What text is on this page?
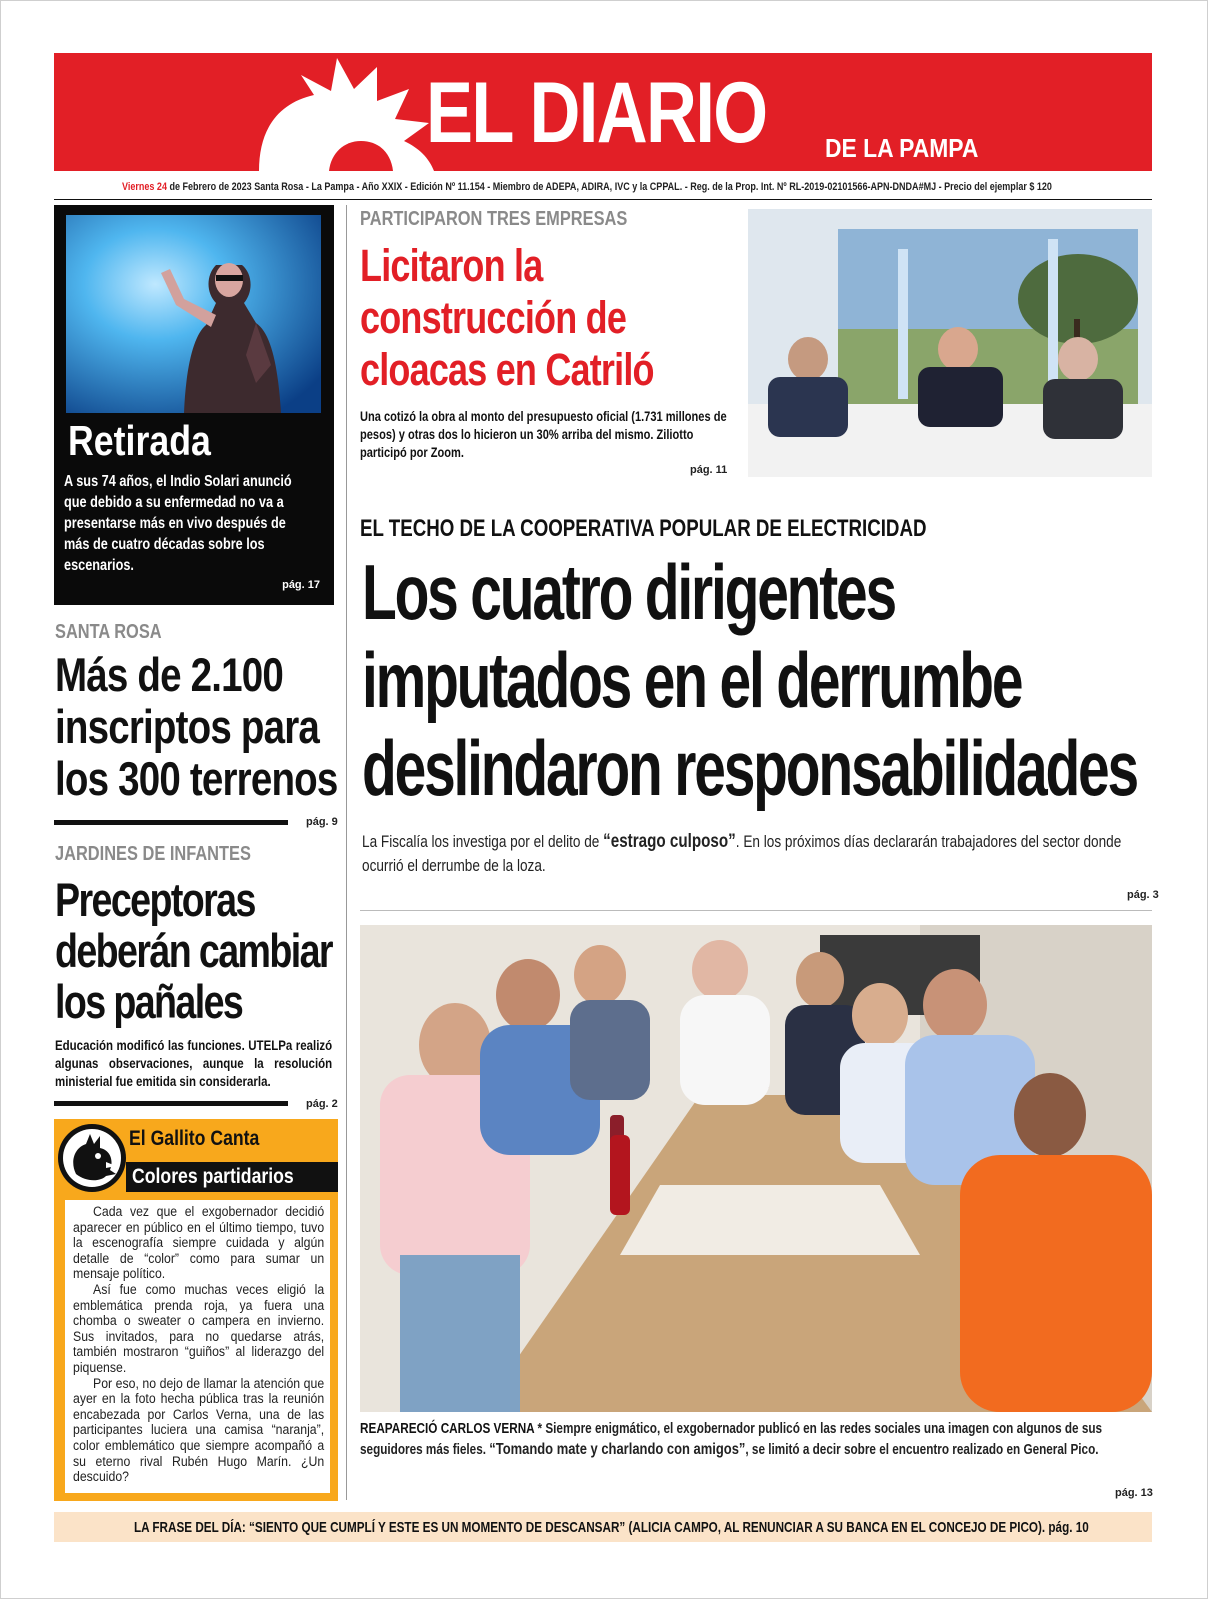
EL DIARIO DE LA PAMPA
Viernes 24 de Febrero de 2023 Santa Rosa - La Pampa - Año XXIX - Edición Nº 11.154 - Miembro de ADEPA, ADIRA, IVC y la CPPAL. - Reg. de la Prop. Int. Nº RL-2019-02101566-APN-DNDA#MJ - Precio del ejemplar $ 120
Retirada
A sus 74 años, el Indio Solari anunció que debido a su enfermedad no va a presentarse más en vivo después de más de cuatro décadas sobre los escenarios.
pág. 17
SANTA ROSA
Más de 2.100
inscriptos para
los 300 terrenos
pág. 9
JARDINES DE INFANTES
Preceptoras
deberán cambiar
los pañales
Educación modificó las funciones. UTELPa realizó algunas observaciones, aunque la resolución ministerial fue emitida sin considerarla.
pág. 2
El Gallito Canta
Colores partidarios

Cada vez que el exgobernador decidió aparecer en público en el último tiempo, tuvo la escenografía siempre cuidada y algún detalle de “color” como para sumar un mensaje político.

Así fue como muchas veces eligió la emblemática prenda roja, ya fuera una chomba o sweater o campera en invierno. Sus invitados, para no quedarse atrás, también mostraron “guiños” al liderazgo del piquense.

Por eso, no dejo de llamar la atención que ayer en la foto hecha pública tras la reunión encabezada por Carlos Verna, una de las participantes luciera una camisa “naranja”, color emblemático que siempre acompañó a su eterno rival Rubén Hugo Marín. ¿Un descuido?

PARTICIPARON TRES EMPRESAS
Licitaron la
construcción de
cloacas en Catriló
Una cotizó la obra al monto del presupuesto oficial (1.731 millones de pesos) y otras dos lo hicieron un 30% arriba del mismo. Ziliotto participó por Zoom.
pág. 11
EL TECHO DE LA COOPERATIVA POPULAR DE ELECTRICIDAD
Los cuatro dirigentes
imputados en el derrumbe
deslindaron responsabilidades
La Fiscalía los investiga por el delito de “estrago culposo”. En los próximos días declararán trabajadores del sector donde ocurrió el derrumbe de la loza.
pág. 3
REAPARECIÓ CARLOS VERNA * Siempre enigmático, el exgobernador publicó en las redes sociales una imagen con algunos de sus seguidores más fieles. “Tomando mate y charlando con amigos”, se limitó a decir sobre el encuentro realizado en General Pico.
pág. 13
LA FRASE DEL DÍA: “SIENTO QUE CUMPLÍ Y ESTE ES UN MOMENTO DE DESCANSAR” (ALICIA CAMPO, AL RENUNCIAR A SU BANCA EN EL CONCEJO DE PICO). pág. 10
